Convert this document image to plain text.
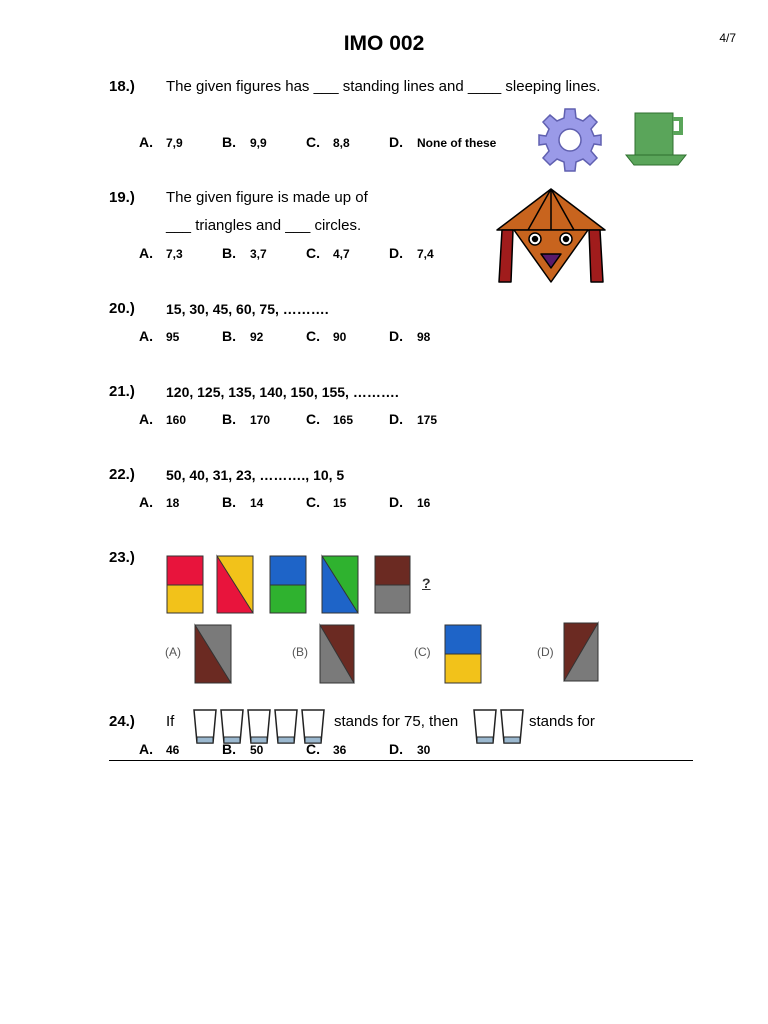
IMO 002	4/7
18.) The given figures has ___ standing lines and ____ sleeping lines.
A. 7,9	B. 9,9	C. 8,8	D. None of these
19.) The given figure is made up of
___ triangles and ___ circles.
A. 7,3	B. 3,7	C. 4,7	D. 7,4
20.) 15, 30, 45, 60, 75, ……….
A. 95	B. 92	C. 90	D. 98
21.) 120, 125, 135, 140, 150, 155, ……….
A. 160	B. 170	C. 165	D. 175
22.) 50, 40, 31, 23, ………., 10, 5
A. 18	B. 14	C. 15	D. 16
23.)
?
(A)	(B)	(C)	(D)
24.) If	stands for 75, then	stands for
A. 46	B. 50	C. 36	D. 30
